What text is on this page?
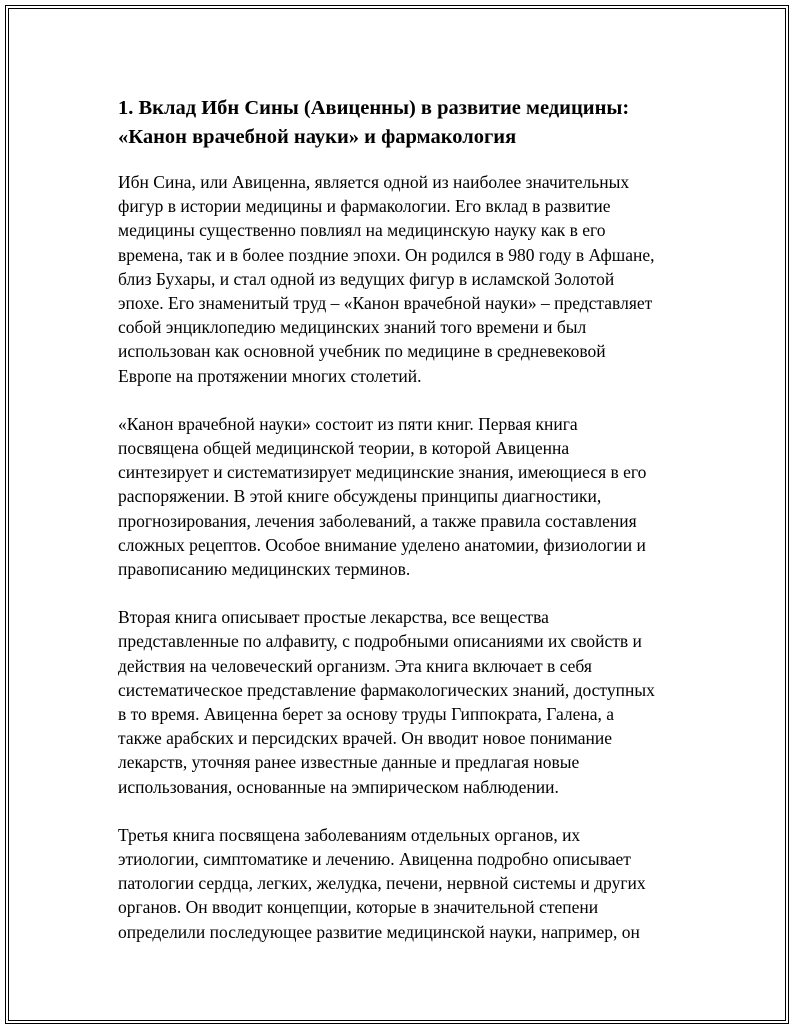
1. Вклад Ибн Сины (Авиценны) в развитие медицины:
«Канон врачебной науки» и фармакология

Ибн Сина, или Авиценна, является одной из наиболее значительных
фигур в истории медицины и фармакологии. Его вклад в развитие
медицины существенно повлиял на медицинскую науку как в его
времена, так и в более поздние эпохи. Он родился в 980 году в Афшане,
близ Бухары, и стал одной из ведущих фигур в исламской Золотой
эпохе. Его знаменитый труд – «Канон врачебной науки» – представляет
собой энциклопедию медицинских знаний того времени и был
использован как основной учебник по медицине в средневековой
Европе на протяжении многих столетий.

«Канон врачебной науки» состоит из пяти книг. Первая книга
посвящена общей медицинской теории, в которой Авиценна
синтезирует и систематизирует медицинские знания, имеющиеся в его
распоряжении. В этой книге обсуждены принципы диагностики,
прогнозирования, лечения заболеваний, а также правила составления
сложных рецептов. Особое внимание уделено анатомии, физиологии и
правописанию медицинских терминов.

Вторая книга описывает простые лекарства, все вещества
представленные по алфавиту, с подробными описаниями их свойств и
действия на человеческий организм. Эта книга включает в себя
систематическое представление фармакологических знаний, доступных
в то время. Авиценна берет за основу труды Гиппократа, Галена, а
также арабских и персидских врачей. Он вводит новое понимание
лекарств, уточняя ранее известные данные и предлагая новые
использования, основанные на эмпирическом наблюдении.

Третья книга посвящена заболеваниям отдельных органов, их
этиологии, симптоматике и лечению. Авиценна подробно описывает
патологии сердца, легких, желудка, печени, нервной системы и других
органов. Он вводит концепции, которые в значительной степени
определили последующее развитие медицинской науки, например, он
